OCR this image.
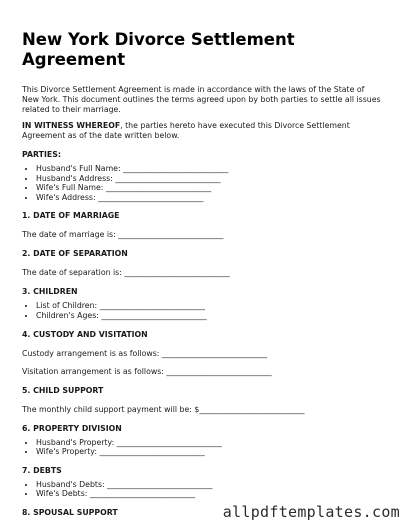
New York Divorce Settlement
Agreement

This Divorce Settlement Agreement is made in accordance with the laws of the State of New York. This document outlines the terms agreed upon by both parties to settle all issues related to their marriage.

IN WITNESS WHEREOF, the parties hereto have executed this Divorce Settlement Agreement as of the date written below.

PARTIES:

• Husband's Full Name: ___________________________
• Husband's Address: ___________________________
• Wife's Full Name: ___________________________
• Wife's Address: ___________________________

1. DATE OF MARRIAGE

The date of marriage is: ___________________________

2. DATE OF SEPARATION

The date of separation is: ___________________________

3. CHILDREN

• List of Children: ___________________________
• Children's Ages: ___________________________

4. CUSTODY AND VISITATION

Custody arrangement is as follows: ___________________________

Visitation arrangement is as follows: ___________________________

5. CHILD SUPPORT

The monthly child support payment will be: $___________________________

6. PROPERTY DIVISION

• Husband's Property: ___________________________
• Wife's Property: ___________________________

7. DEBTS

• Husband's Debts: ___________________________
• Wife's Debts: ___________________________

8. SPOUSAL SUPPORT	allpdftemplates.com
